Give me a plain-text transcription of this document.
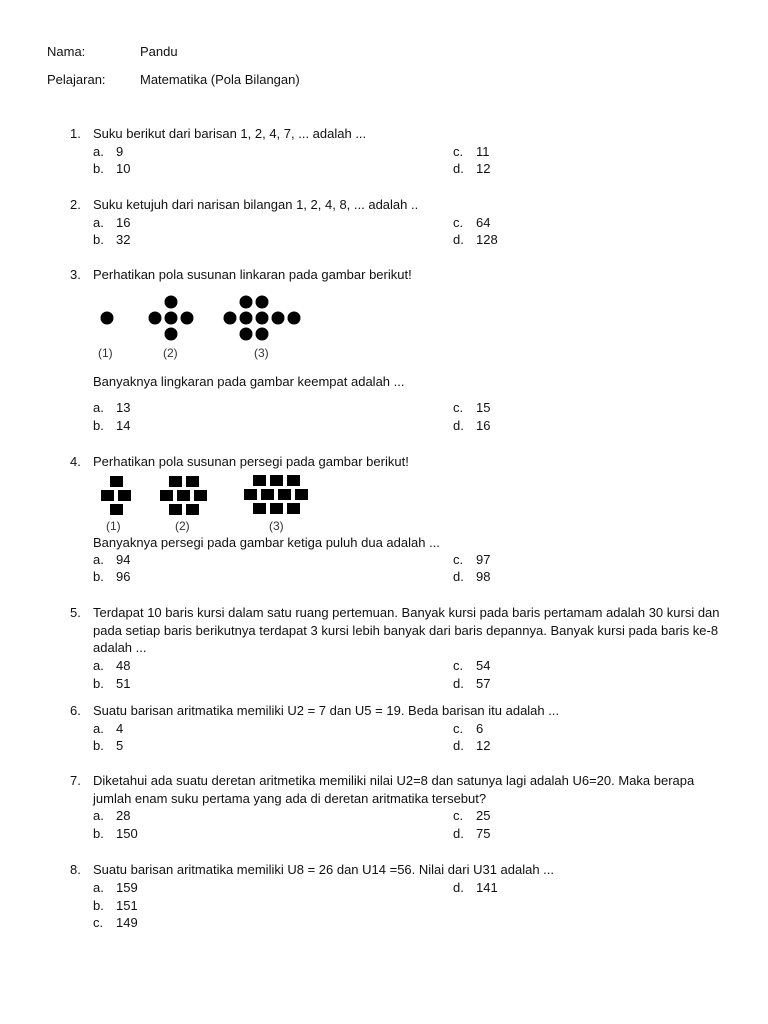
Nama:	Pandu
Pelajaran:	Matematika (Pola Bilangan)
1. Suku berikut dari barisan 1, 2, 4, 7, ... adalah ...
a. 9
b. 10
c. 11
d. 12
2. Suku ketujuh dari narisan bilangan 1, 2, 4, 8, ... adalah ..
a. 16
b. 32
c. 64
d. 128
3. Perhatikan pola susunan linkaran pada gambar berikut!
(1)	(2)	(3)
Banyaknya lingkaran pada gambar keempat adalah ...
a. 13
b. 14
c. 15
d. 16
4. Perhatikan pola susunan persegi pada gambar berikut!
(1)	(2)	(3)
Banyaknya persegi pada gambar ketiga puluh dua adalah ...
a. 94
b. 96
c. 97
d. 98
5. Terdapat 10 baris kursi dalam satu ruang pertemuan. Banyak kursi pada baris pertamam adalah 30 kursi dan
pada setiap baris berikutnya terdapat 3 kursi lebih banyak dari baris depannya. Banyak kursi pada baris ke-8
adalah ...
a. 48
b. 51
c. 54
d. 57
6. Suatu barisan aritmatika memiliki U2 = 7 dan U5 = 19. Beda barisan itu adalah ...
a. 4
b. 5
c. 6
d. 12
7. Diketahui ada suatu deretan aritmetika memiliki nilai U2=8 dan satunya lagi adalah U6=20. Maka berapa
jumlah enam suku pertama yang ada di deretan aritmatika tersebut?
a. 28
b. 150
c. 25
d. 75
8. Suatu barisan aritmatika memiliki U8 = 26 dan U14 =56. Nilai dari U31 adalah ...
a. 159
b. 151
c. 149
d. 141
